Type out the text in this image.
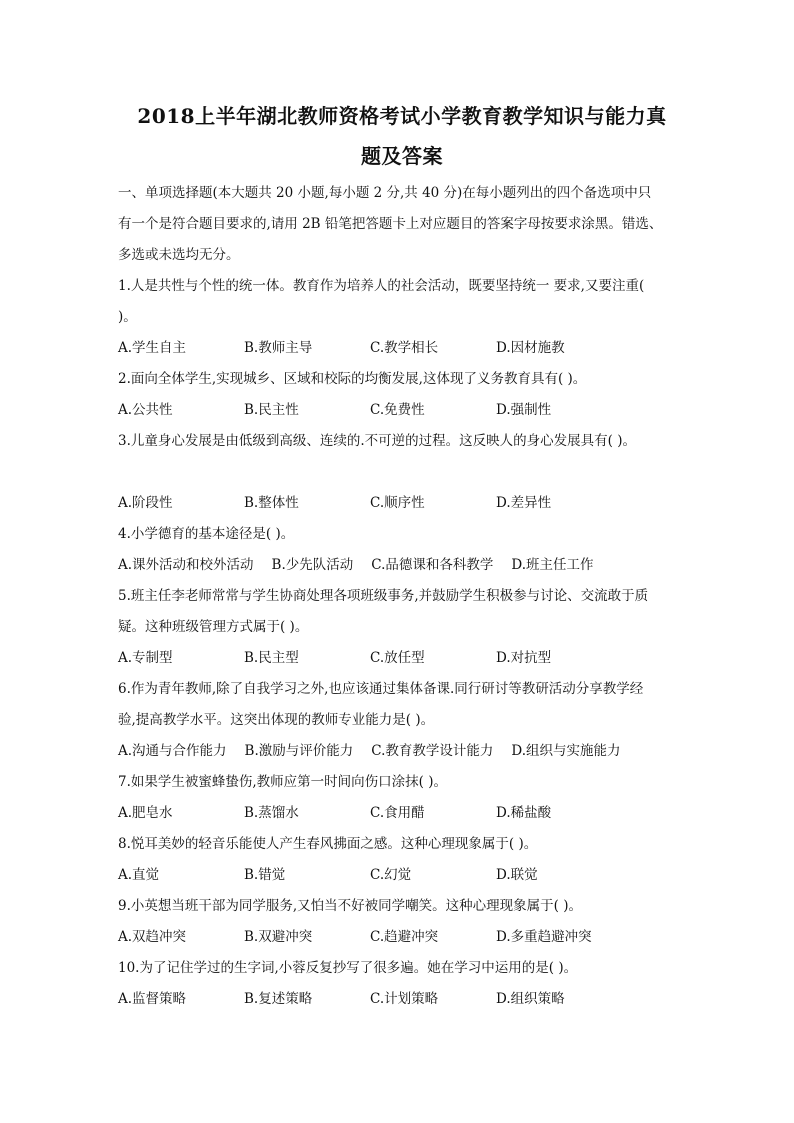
2018上半年湖北教师资格考试小学教育教学知识与能力真
题及答案

一、单项选择题(本大题共 20 小题,每小题 2 分,共 40 分)在每小题列出的四个备选项中只

有一个是符合题目要求的,请用 2B 铅笔把答题卡上对应题目的答案字母按要求涂黑。错选、

多选或未选均无分。

1.人是共性与个性的统一体。教育作为培养人的社会活动，既要坚持统一 要求,又要注重(

)。

A.学生自主	B.教师主导	C.教学相长	D.因材施教

2.面向全体学生,实现城乡、区域和校际的均衡发展,这体现了义务教育具有( )。

A.公共性	B.民主性	C.免费性	D.强制性

3.儿童身心发展是由低级到高级、连续的.不可逆的过程。这反映人的身心发展具有( )。

A.阶段性	B.整体性	C.顺序性	D.差异性

4.小学德育的基本途径是( )。

A.课外活动和校外活动 B.少先队活动 C.品德课和各科教学 D.班主任工作

5.班主任李老师常常与学生协商处理各项班级事务,并鼓励学生积极参与讨论、交流敢于质

疑。这种班级管理方式属于( )。

A.专制型	B.民主型	C.放任型	D.对抗型

6.作为青年教师,除了自我学习之外,也应该通过集体备课.同行研讨等教研活动分享教学经

验,提高教学水平。这突出体现的教师专业能力是( )。

A.沟通与合作能力 B.激励与评价能力 C.教育教学设计能力 D.组织与实施能力

7.如果学生被蜜蜂蛰伤,教师应第一时间向伤口涂抹( )。

A.肥皂水	B.蒸馏水	C.食用醋	D.稀盐酸

8.悦耳美妙的轻音乐能使人产生春风拂面之感。这种心理现象属于( )。

A.直觉	B.错觉	C.幻觉	D.联觉

9.小英想当班干部为同学服务,又怕当不好被同学嘲笑。这种心理现象属于( )。

A.双趋冲突	B.双避冲突	C.趋避冲突	D.多重趋避冲突

10.为了记住学过的生字词,小蓉反复抄写了很多遍。她在学习中运用的是( )。

A.监督策略	B.复述策略	C.计划策略	D.组织策略
